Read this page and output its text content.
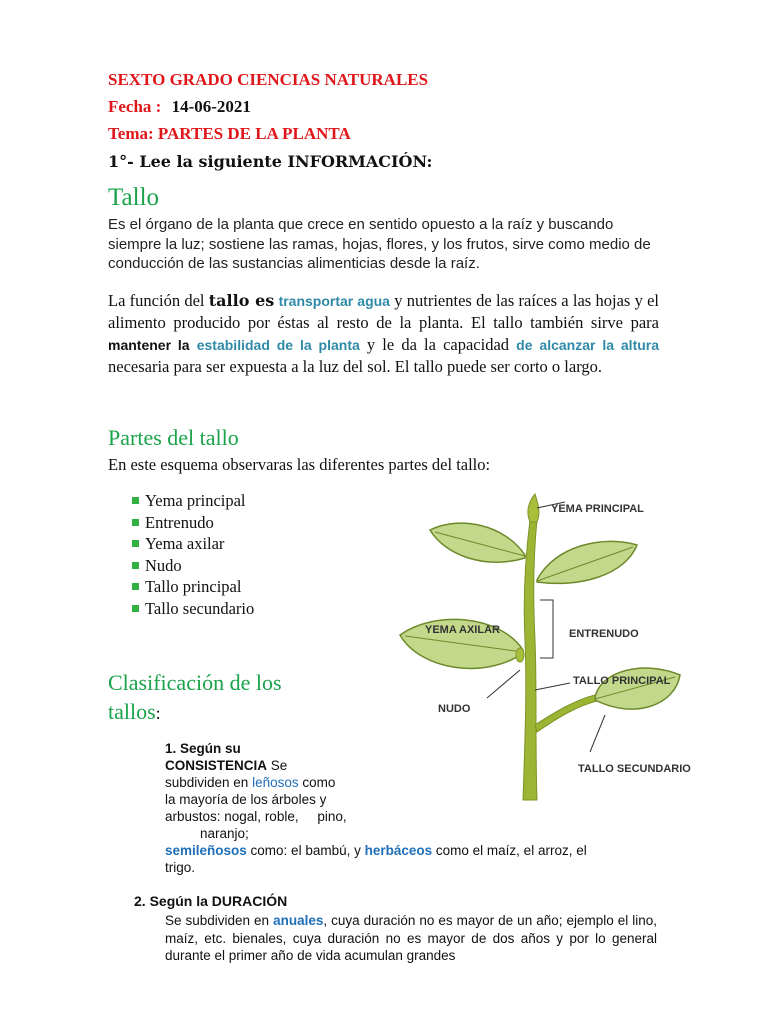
SEXTO GRADO CIENCIAS NATURALES
Fecha : 14-06-2021
Tema: PARTES DE LA PLANTA
1°- Lee la siguiente INFORMACIÓN:
Tallo
Es el órgano de la planta que crece en sentido opuesto a la raíz y buscando siempre la luz; sostiene las ramas, hojas, flores, y los frutos, sirve como medio de conducción de las sustancias alimenticias desde la raíz.
La función del tallo es transportar agua y nutrientes de las raíces a las hojas y el alimento producido por éstas al resto de la planta. El tallo también sirve para mantener la estabilidad de la planta y le da la capacidad de alcanzar la altura necesaria para ser expuesta a la luz del sol. El tallo puede ser corto o largo.
Partes del tallo
En este esquema observaras las diferentes partes del tallo:
Yema principal
Entrenudo
Yema axilar
Nudo
Tallo principal
Tallo secundario
YEMA PRINCIPAL
YEMA AXILAR	ENTRENUDO
TALLO PRINCIPAL
NUDO
TALLO SECUNDARIO
Clasificación de los
tallos:
1. Según su
CONSISTENCIA Se
subdividen en leñosos como
la mayoría de los árboles y
arbustos: nogal, roble,     pino,
naranjo;
semileñosos como: el bambú, y herbáceos como el maíz, el arroz, el
trigo.
2. Según la DURACIÓN
Se subdividen en anuales, cuya duración no es mayor de un año; ejemplo el lino, maíz, etc. bienales, cuya duración no es mayor de dos años y por lo general durante el primer año de vida acumulan grandes
